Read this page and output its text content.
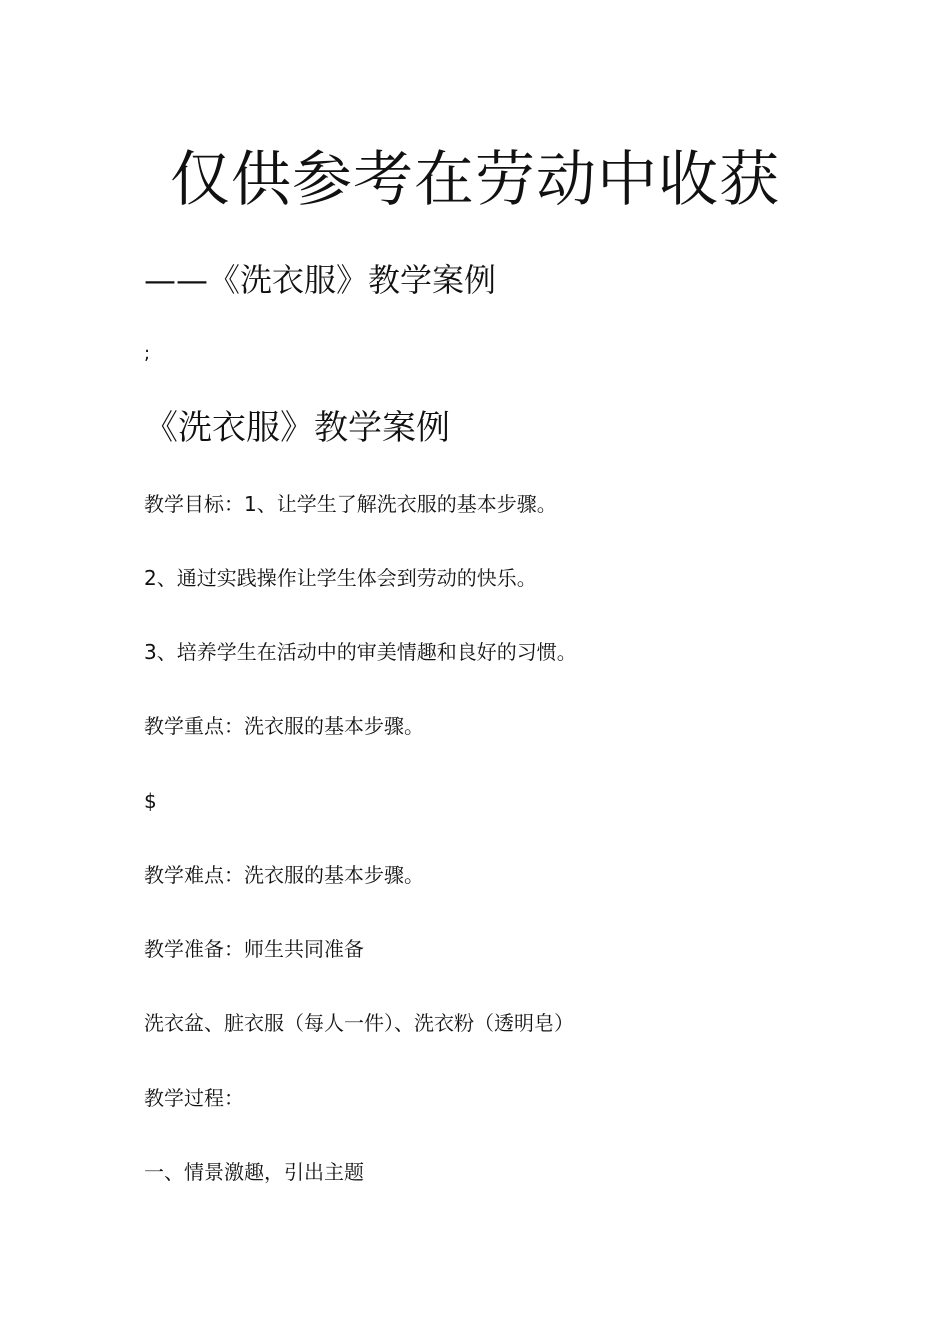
仅供参考在劳动中收获
——《洗衣服》教学案例
;
《洗衣服》教学案例
教学目标：1、让学生了解洗衣服的基本步骤。
2、通过实践操作让学生体会到劳动的快乐。
3、培养学生在活动中的审美情趣和良好的习惯。
教学重点：洗衣服的基本步骤。
$
教学难点：洗衣服的基本步骤。
教学准备：师生共同准备
洗衣盆、脏衣服（每人一件）、洗衣粉（透明皂）
教学过程：
一、情景激趣，引出主题
